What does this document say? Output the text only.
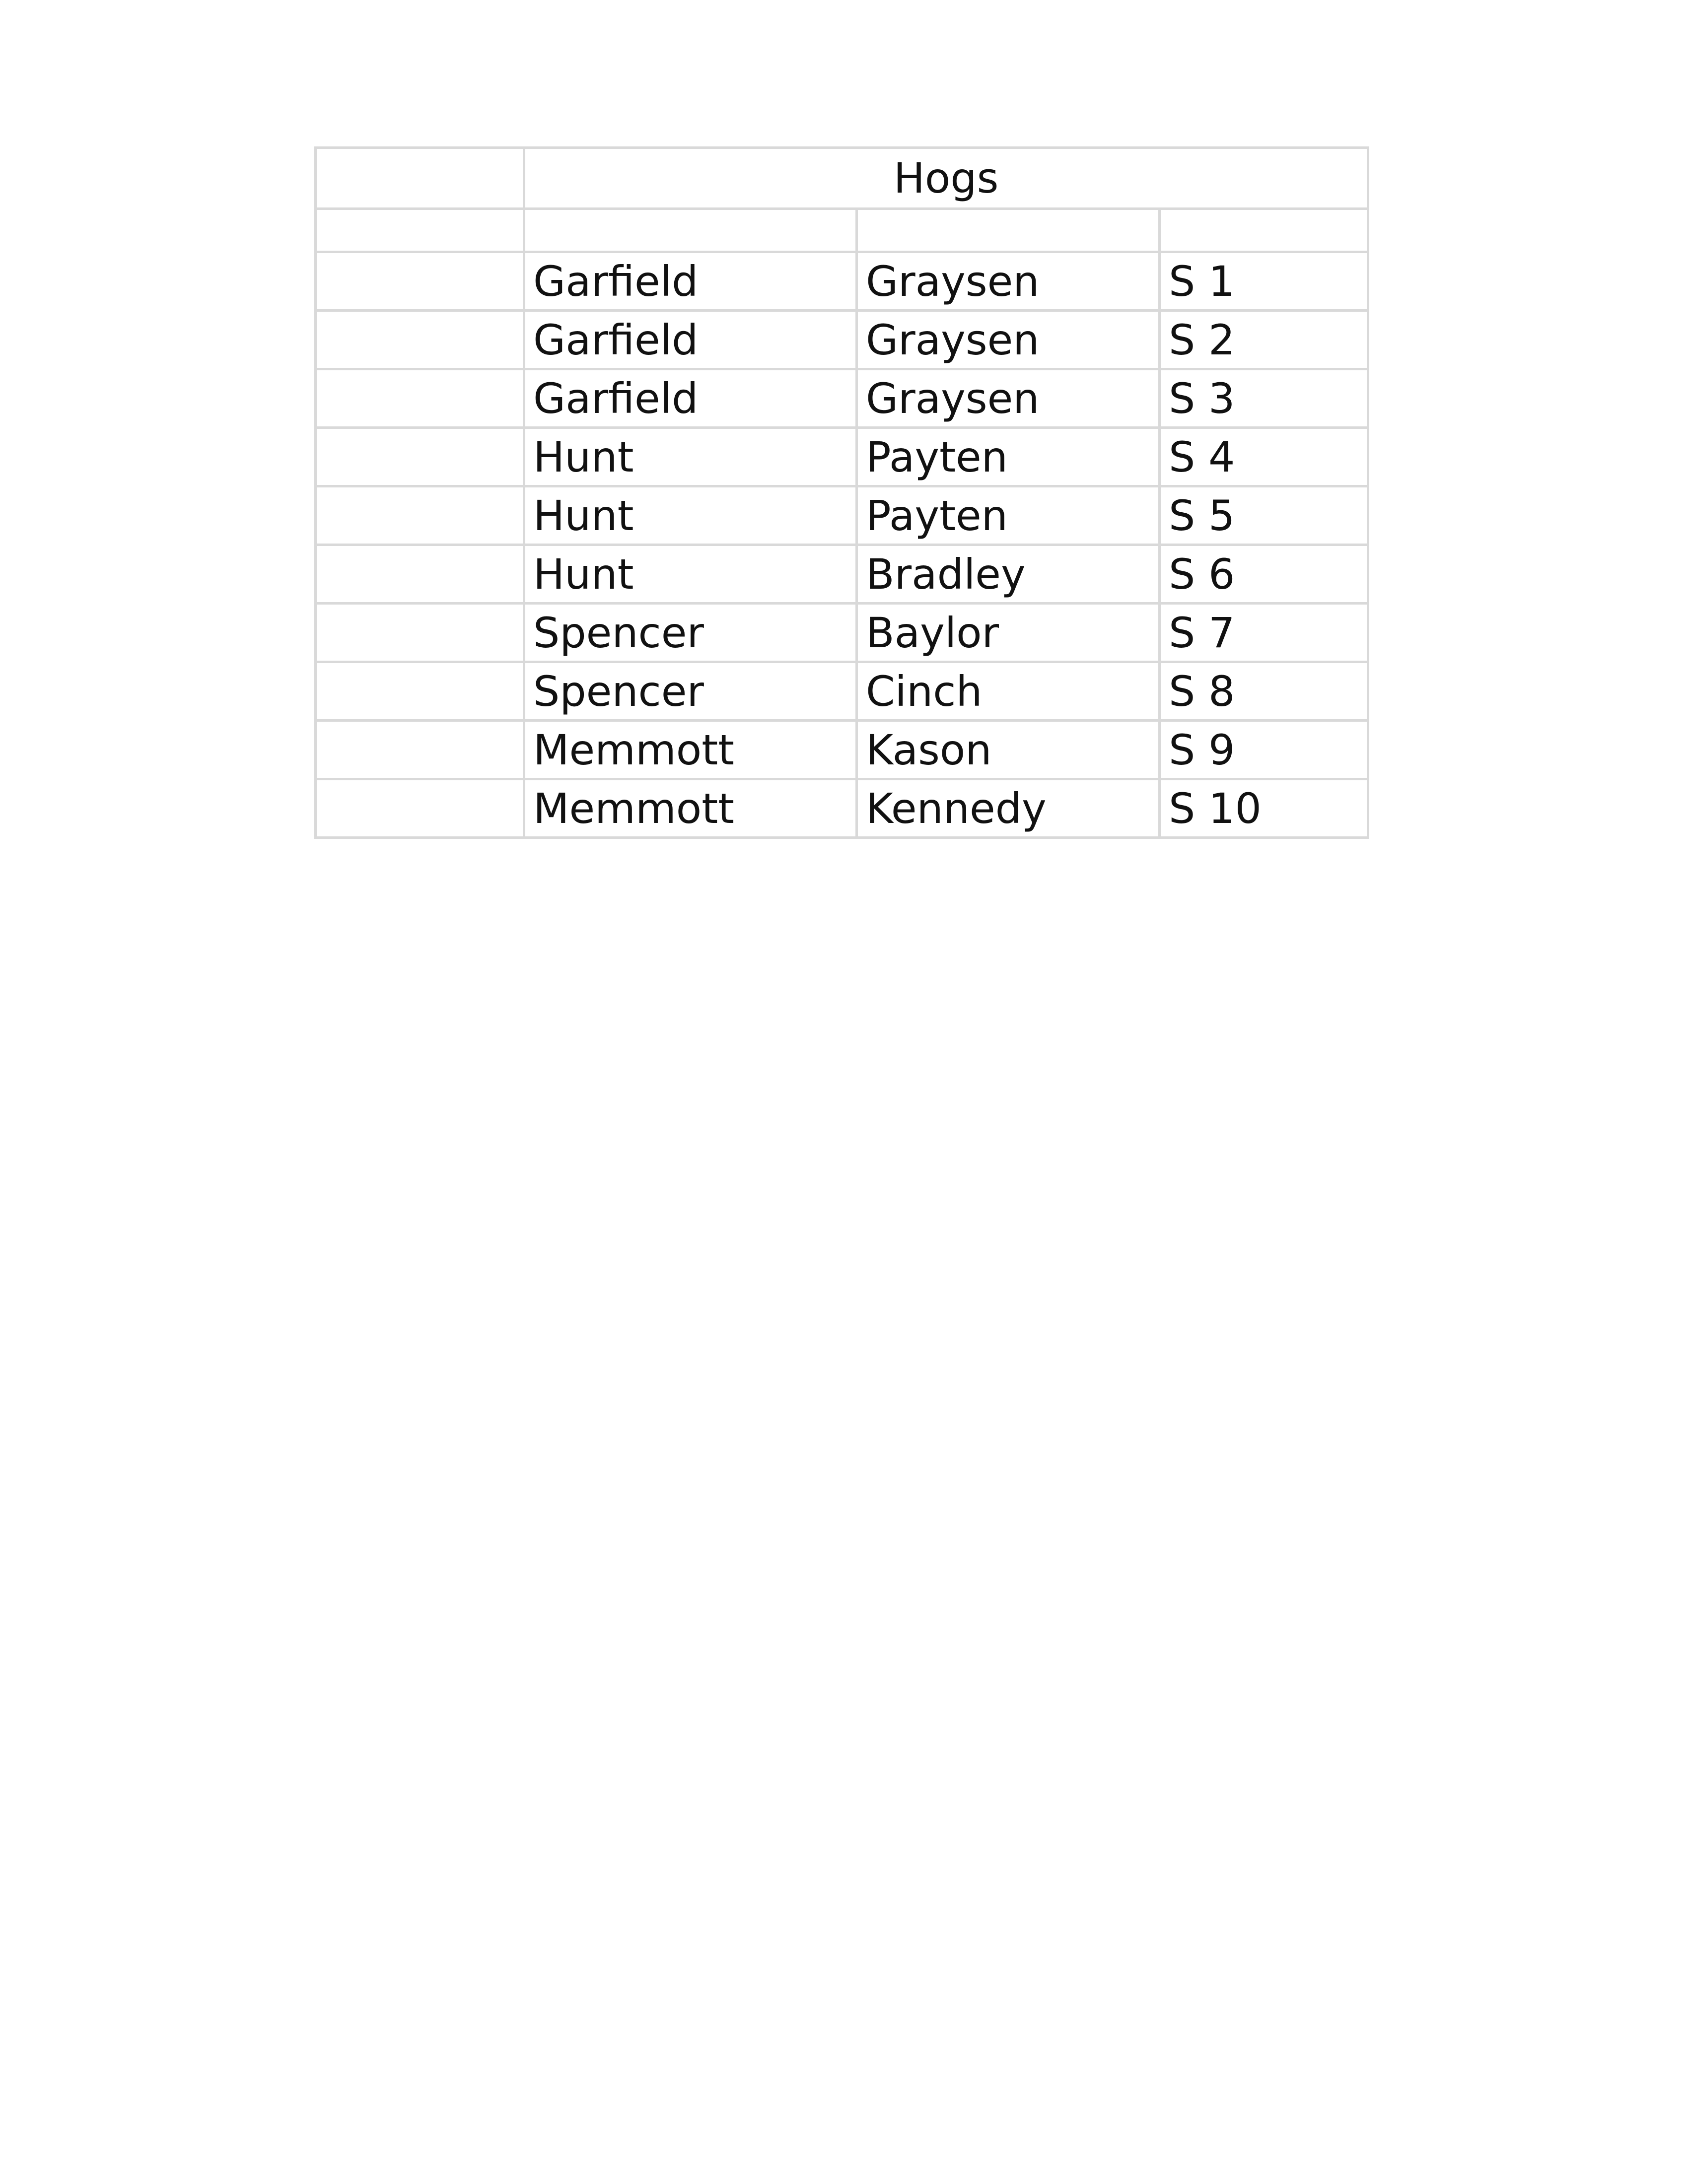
	Hogs		

	Garfield	Graysen	S 1
	Garfield	Graysen	S 2
	Garfield	Graysen	S 3
	Hunt	Payten	S 4
	Hunt	Payten	S 5
	Hunt	Bradley	S 6
	Spencer	Baylor	S 7
	Spencer	Cinch	S 8
	Memmott	Kason	S 9
	Memmott	Kennedy	S 10
